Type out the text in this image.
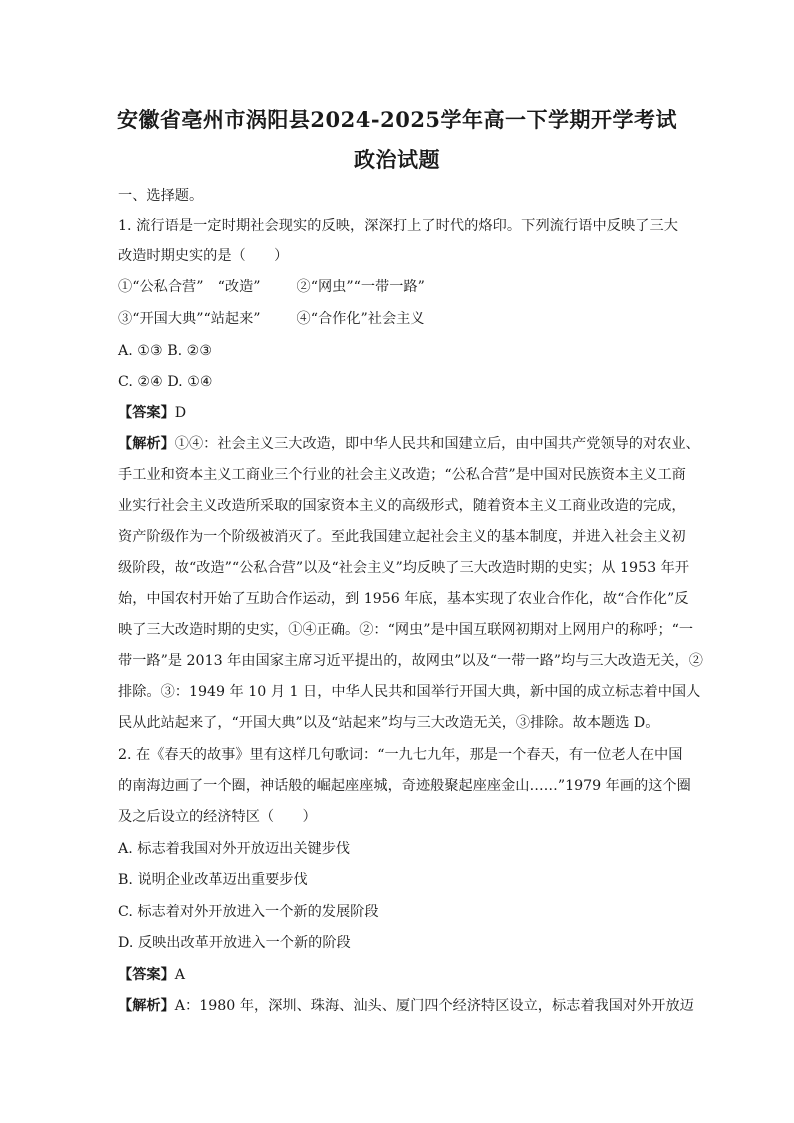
安徽省亳州市涡阳县2024-2025学年高一下学期开学考试
政治试题
一、选择题。
1. 流行语是一定时期社会现实的反映，深深打上了时代的烙印。下列流行语中反映了三大
改造时期史实的是（　　）
①“公私合营”　“改造”	②“网虫”“一带一路”
③“开国大典”“站起来”	④“合作化”社会主义
A. ①③ B. ②③
C. ②④ D. ①④
【答案】D
【解析】①④：社会主义三大改造，即中华人民共和国建立后，由中国共产党领导的对农业、
手工业和资本主义工商业三个行业的社会主义改造；“公私合营”是中国对民族资本主义工商
业实行社会主义改造所采取的国家资本主义的高级形式，随着资本主义工商业改造的完成，
资产阶级作为一个阶级被消灭了。至此我国建立起社会主义的基本制度，并进入社会主义初
级阶段，故“改造”“公私合营”以及“社会主义”均反映了三大改造时期的史实；从 1953 年开
始，中国农村开始了互助合作运动，到 1956 年底，基本实现了农业合作化，故“合作化”反
映了三大改造时期的史实，①④正确。②：“网虫”是中国互联网初期对上网用户的称呼；“一
带一路”是 2013 年由国家主席习近平提出的，故网虫”以及“一带一路”均与三大改造无关，②
排除。③：1949 年 10 月 1 日，中华人民共和国举行开国大典，新中国的成立标志着中国人
民从此站起来了，“开国大典”以及“站起来”均与三大改造无关，③排除。故本题选 D。
2. 在《春天的故事》里有这样几句歌词：“一九七九年，那是一个春天，有一位老人在中国
的南海边画了一个圈，神话般的崛起座座城，奇迹般聚起座座金山……”1979 年画的这个圈
及之后设立的经济特区（　　）
A. 标志着我国对外开放迈出关键步伐
B. 说明企业改革迈出重要步伐
C. 标志着对外开放进入一个新的发展阶段
D. 反映出改革开放进入一个新的阶段
【答案】A
【解析】A：1980 年，深圳、珠海、汕头、厦门四个经济特区设立，标志着我国对外开放迈
